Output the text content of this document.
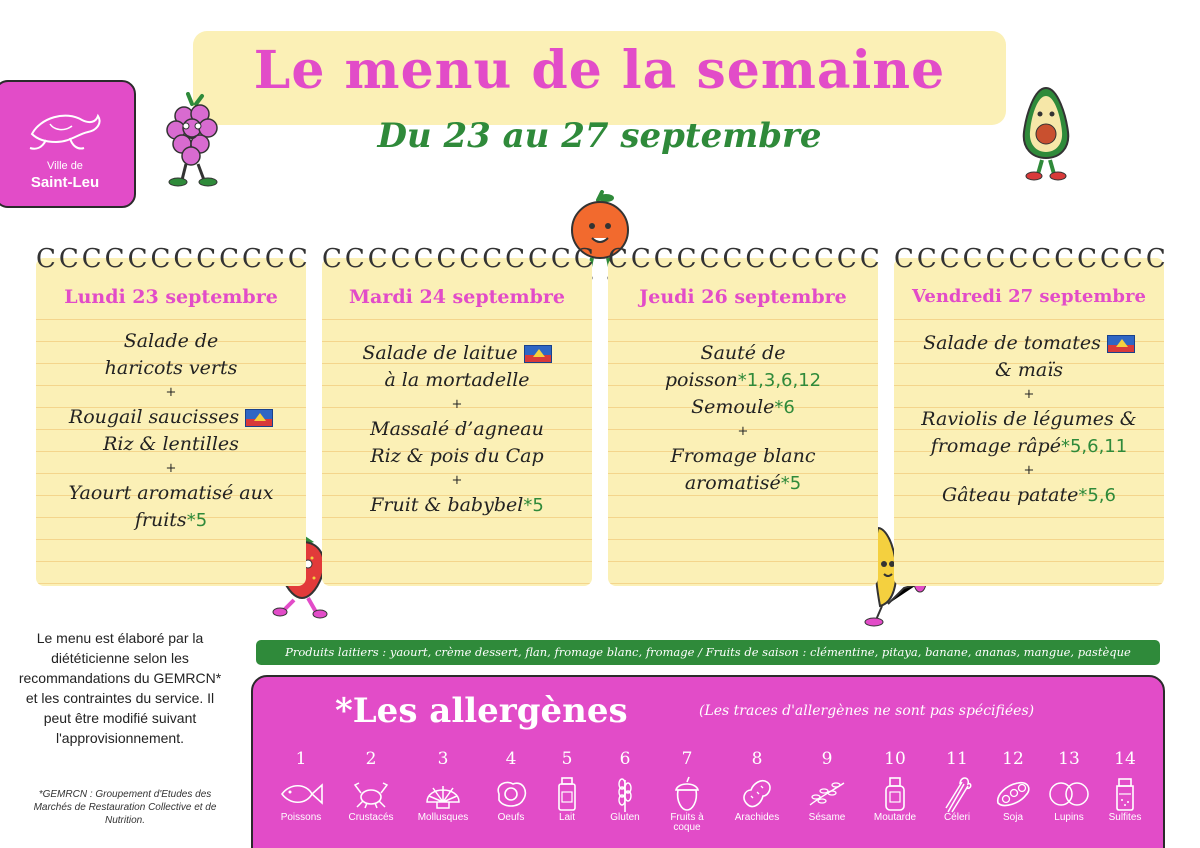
Ville de
Saint-Leu
Le menu de la semaine
Du 23 au 27 septembre
CCCCCCCCCCCC
Lundi 23 septembre
Salade de
haricots verts
+
Rougail saucisses
Riz & lentilles
+
Yaourt aromatisé aux
fruits*5
CCCCCCCCCCCC
Mardi 24 septembre
Salade de laitue
à la mortadelle
+
Massalé d’agneau
Riz & pois du Cap
+
Fruit & babybel*5
CCCCCCCCCCCC
Jeudi 26 septembre
Sauté de
poisson*1,3,6,12
Semoule*6
+
Fromage blanc
aromatisé*5
CCCCCCCCCCCC
Vendredi 27 septembre
Salade de tomates
& maïs
+
Raviolis de légumes &
fromage râpé*5,6,11
+
Gâteau patate*5,6
Le menu est élaboré par la diététicienne selon les recommandations du GEMRCN* et les contraintes du service. Il peut être modifié suivant l'approvisionnement.
*GEMRCN : Groupement d'Etudes des Marchés de Restauration Collective et de Nutrition.
Produits laitiers : yaourt, crème dessert, flan, fromage blanc, fromage / Fruits de saison : clémentine, pitaya, banane, ananas, mangue, pastèque
*Les allergènes	(Les traces d'allergènes ne sont pas spécifiées)
1
Poissons
2
Crustacés
3
Mollusques
4
Oeufs
5
Lait
6
Gluten
7
Fruits à coque
8
Arachides
9
Sésame
10
Moutarde
11
Céleri
12
Soja
13
Lupins
14
Sulfites
